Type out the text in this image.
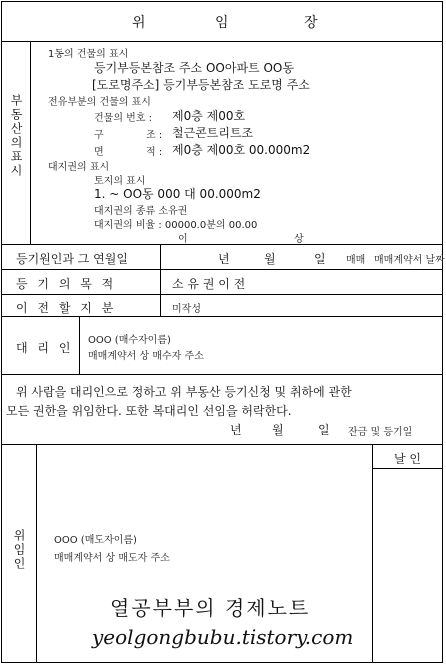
위	임	장
부동산의표시
1동의 건물의 표시
등기부등본참조 주소 OO아파트 OO동
[도로명주소] 등기부등본참조 도로명 주소
전유부분의 건물의 표시
건물의 번호 : 제0층 제00호
구	조 : 철근콘트리트조
면	적 : 제0층 제00호 00.000m2
대지권의 표시
토지의 표시
1. ~ OO동 000 대 00.000m2
대지권의 종류 소유권
대지권의 비율 : 00000.0분의 00.00
이	상
등기원인과 그 연월일	년	월	일 매매 매매계약서 날짜
등 기 의 목 적	소 유 권 이 전
이 전 할 지 분	미작성
대 리 인
OOO (매수자이름)
매매계약서 상 매수자 주소
위 사람을 대리인으로 정하고 위 부동산 등기신청 및 취하에 관한
모든 권한을 위임한다. 또한 복대리인 선임을 허락한다.
년	월	일 잔금 및 등기일
위임인
날 인
OOO (매도자이름)
매매계약서 상 매도자 주소
열공부부의 경제노트
yeolgongbubu.tistory.com
